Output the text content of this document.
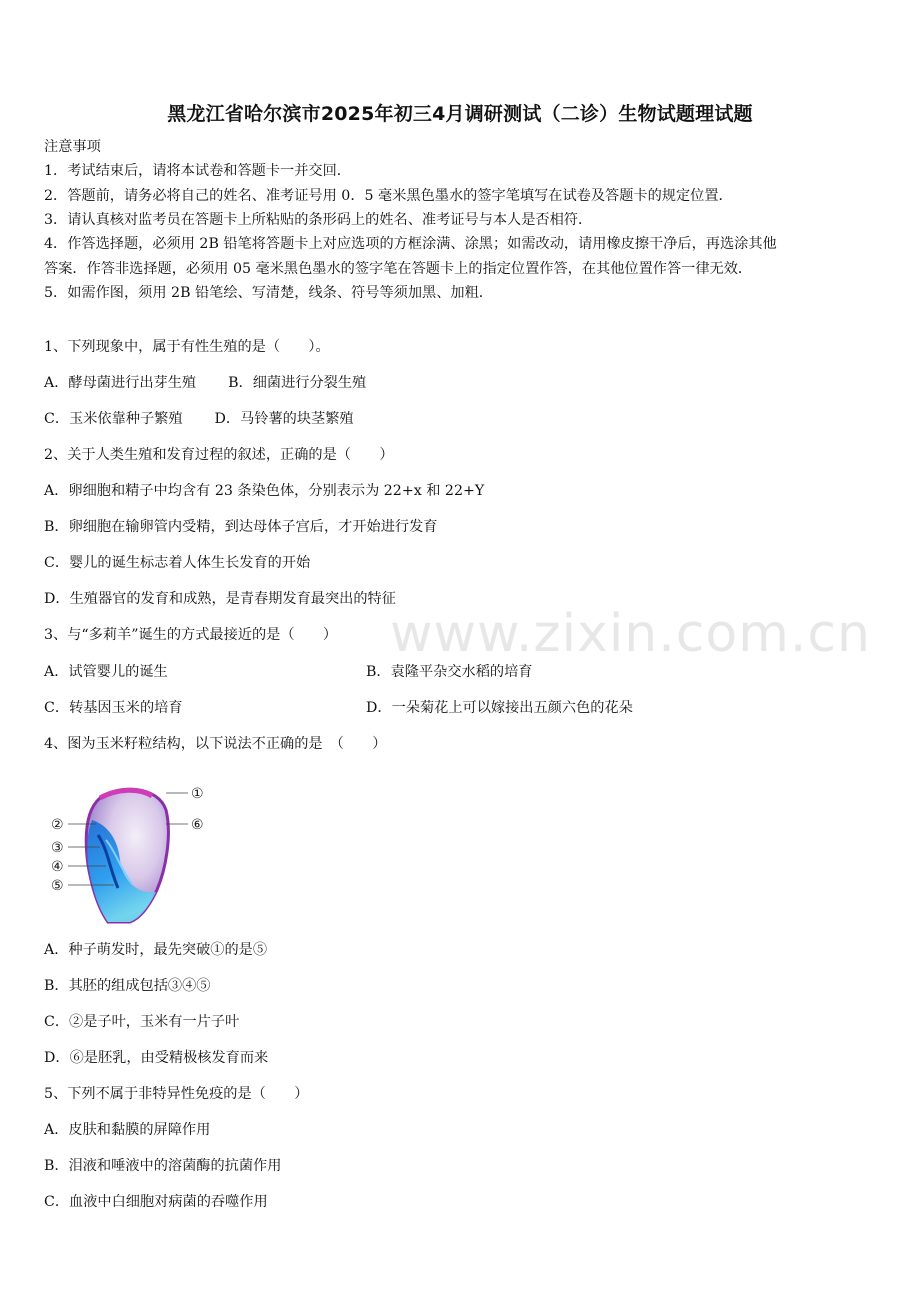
黑龙江省哈尔滨市2025年初三4月调研测试（二诊）生物试题理试题
注意事项
1．考试结束后，请将本试卷和答题卡一并交回．
2．答题前，请务必将自己的姓名、准考证号用 0．5 毫米黑色墨水的签字笔填写在试卷及答题卡的规定位置．
3．请认真核对监考员在答题卡上所粘贴的条形码上的姓名、准考证号与本人是否相符．
4．作答选择题，必须用 2B 铅笔将答题卡上对应选项的方框涂满、涂黑；如需改动，请用橡皮擦干净后，再选涂其他
答案．作答非选择题，必须用 05 毫米黑色墨水的签字笔在答题卡上的指定位置作答，在其他位置作答一律无效．
5．如需作图，须用 2B 铅笔绘、写清楚，线条、符号等须加黑、加粗．
www.zixin.com.cn
1、下列现象中，属于有性生殖的是（　　）。
A．酵母菌进行出芽生殖 B．细菌进行分裂生殖
C．玉米依靠种子繁殖 D．马铃薯的块茎繁殖
2、关于人类生殖和发育过程的叙述，正确的是（　　）
A．卵细胞和精子中均含有 23 条染色体，分别表示为 22+x 和 22+Y
B．卵细胞在输卵管内受精，到达母体子宫后，才开始进行发育
C．婴儿的诞生标志着人体生长发育的开始
D．生殖器官的发育和成熟，是青春期发育最突出的特征
3、与“多莉羊”诞生的方式最接近的是（　　）
A．试管婴儿的诞生	B．袁隆平杂交水稻的培育
C．转基因玉米的培育	D．一朵菊花上可以嫁接出五颜六色的花朵
4、图为玉米籽粒结构，以下说法不正确的是　（　　）
①
②	⑥
③
④
⑤
A．种子萌发时，最先突破①的是⑤
B．其胚的组成包括③④⑤
C．②是子叶，玉米有一片子叶
D．⑥是胚乳，由受精极核发育而来
5、下列不属于非特异性免疫的是（　　）
A．皮肤和黏膜的屏障作用
B．泪液和唾液中的溶菌酶的抗菌作用
C．血液中白细胞对病菌的吞噬作用
